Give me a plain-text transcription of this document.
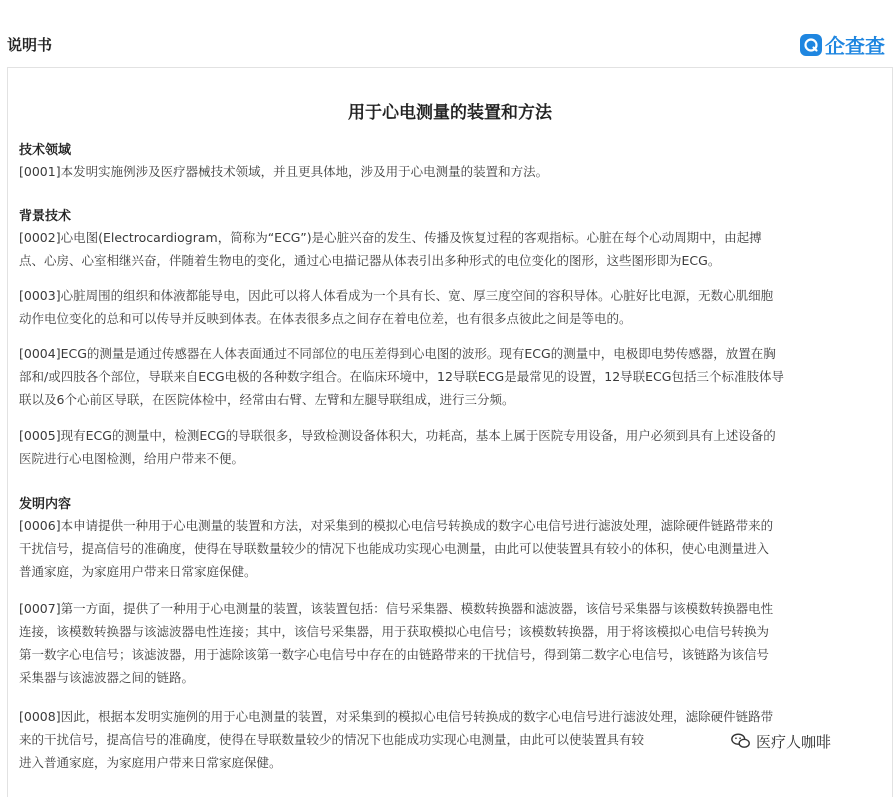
说明书	企查查
用于心电测量的装置和方法
技术领域
[0001]本发明实施例涉及医疗器械技术领域，并且更具体地，涉及用于心电测量的装置和方法。
背景技术
[0002]心电图(Electrocardiogram，简称为“ECG”)是心脏兴奋的发生、传播及恢复过程的客观指标。心脏在每个心动周期中，由起搏
点、心房、心室相继兴奋，伴随着生物电的变化，通过心电描记器从体表引出多种形式的电位变化的图形，这些图形即为ECG。
[0003]心脏周围的组织和体液都能导电，因此可以将人体看成为一个具有长、宽、厚三度空间的容积导体。心脏好比电源，无数心肌细胞
动作电位变化的总和可以传导并反映到体表。在体表很多点之间存在着电位差，也有很多点彼此之间是等电的。
[0004]ECG的测量是通过传感器在人体表面通过不同部位的电压差得到心电图的波形。现有ECG的测量中，电极即电势传感器，放置在胸
部和/或四肢各个部位，导联来自ECG电极的各种数字组合。在临床环境中，12导联ECG是最常见的设置，12导联ECG包括三个标准肢体导
联以及6个心前区导联，在医院体检中，经常由右臂、左臂和左腿导联组成，进行三分频。
[0005]现有ECG的测量中，检测ECG的导联很多，导致检测设备体积大，功耗高，基本上属于医院专用设备，用户必须到具有上述设备的
医院进行心电图检测，给用户带来不便。
发明内容
[0006]本申请提供一种用于心电测量的装置和方法，对采集到的模拟心电信号转换成的数字心电信号进行滤波处理，滤除硬件链路带来的
干扰信号，提高信号的准确度，使得在导联数量较少的情况下也能成功实现心电测量，由此可以使装置具有较小的体积，使心电测量进入
普通家庭，为家庭用户带来日常家庭保健。
[0007]第一方面，提供了一种用于心电测量的装置，该装置包括：信号采集器、模数转换器和滤波器，该信号采集器与该模数转换器电性
连接，该模数转换器与该滤波器电性连接；其中，该信号采集器，用于获取模拟心电信号；该模数转换器，用于将该模拟心电信号转换为
第一数字心电信号；该滤波器，用于滤除该第一数字心电信号中存在的由链路带来的干扰信号，得到第二数字心电信号，该链路为该信号
采集器与该滤波器之间的链路。
[0008]因此，根据本发明实施例的用于心电测量的装置，对采集到的模拟心电信号转换成的数字心电信号进行滤波处理，滤除硬件链路带
来的干扰信号，提高信号的准确度，使得在导联数量较少的情况下也能成功实现心电测量，由此可以使装置具有较
进入普通家庭，为家庭用户带来日常家庭保健。
医疗人咖啡
